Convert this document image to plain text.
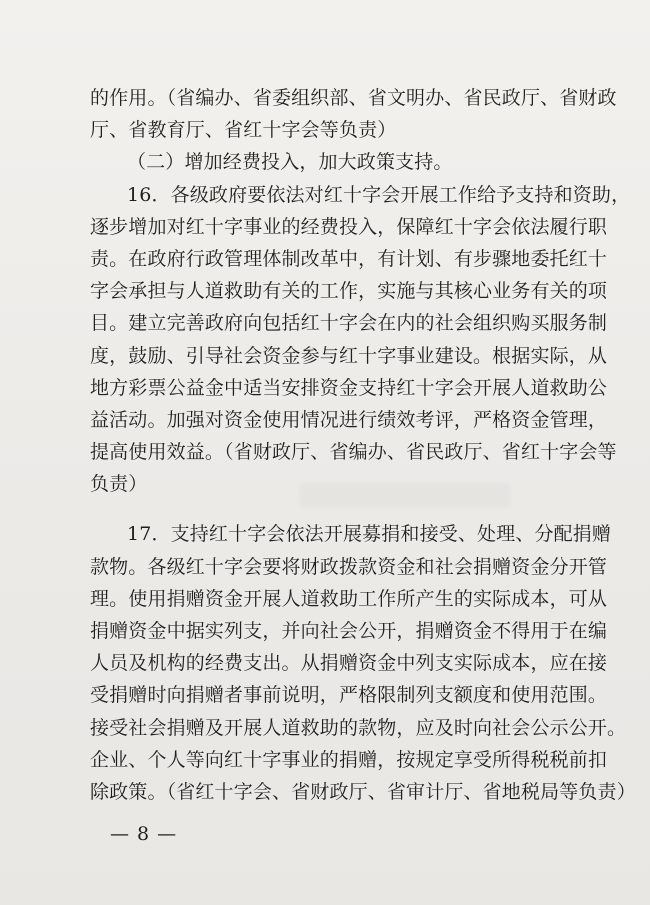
的作用。（省编办、省委组织部、省文明办、省民政厅、省财政
厅、省教育厅、省红十字会等负责）
（二）增加经费投入，加大政策支持。
16．各级政府要依法对红十字会开展工作给予支持和资助，
逐步增加对红十字事业的经费投入，保障红十字会依法履行职
责。在政府行政管理体制改革中，有计划、有步骤地委托红十
字会承担与人道救助有关的工作，实施与其核心业务有关的项
目。建立完善政府向包括红十字会在内的社会组织购买服务制
度，鼓励、引导社会资金参与红十字事业建设。根据实际，从
地方彩票公益金中适当安排资金支持红十字会开展人道救助公
益活动。加强对资金使用情况进行绩效考评，严格资金管理，
提高使用效益。（省财政厅、省编办、省民政厅、省红十字会等
负责）
17．支持红十字会依法开展募捐和接受、处理、分配捐赠
款物。各级红十字会要将财政拨款资金和社会捐赠资金分开管
理。使用捐赠资金开展人道救助工作所产生的实际成本，可从
捐赠资金中据实列支，并向社会公开，捐赠资金不得用于在编
人员及机构的经费支出。从捐赠资金中列支实际成本，应在接
受捐赠时向捐赠者事前说明，严格限制列支额度和使用范围。
接受社会捐赠及开展人道救助的款物，应及时向社会公示公开。
企业、个人等向红十字事业的捐赠，按规定享受所得税税前扣
除政策。（省红十字会、省财政厅、省审计厅、省地税局等负责）
— 8 —
